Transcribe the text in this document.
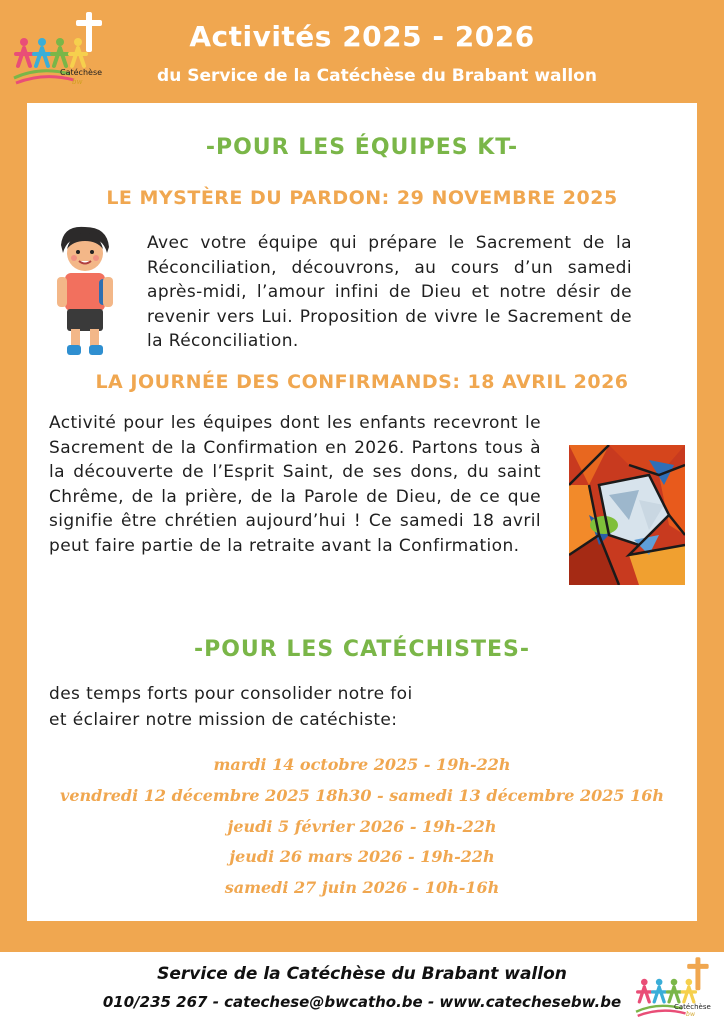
Catéchèse
bw
Activités 2025 - 2026
du Service de la Catéchèse du Brabant wallon
-POUR LES ÉQUIPES KT-
LE MYSTÈRE DU PARDON: 29 NOVEMBRE 2025
Avec votre équipe qui prépare le Sacrement de la Réconciliation, découvrons, au cours d’un samedi après-midi, l’amour infini de Dieu et notre désir de revenir vers Lui. Proposition de vivre le Sacrement de la Réconciliation.
LA JOURNÉE DES CONFIRMANDS: 18 AVRIL 2026
Activité pour les équipes dont les enfants recevront le Sacrement de la Confirmation en 2026. Partons tous à la découverte de l’Esprit Saint, de ses dons, du saint Chrême, de la prière, de la Parole de Dieu, de ce que signifie être chrétien aujourd’hui ! Ce samedi 18 avril peut faire partie de la retraite avant la Confirmation.
-POUR LES CATÉCHISTES-
des temps forts pour consolider notre foi
et éclairer notre mission de catéchiste:
mardi 14 octobre 2025 - 19h-22h
vendredi 12 décembre 2025 18h30 - samedi 13 décembre 2025 16h
jeudi 5 février 2026 - 19h-22h
jeudi 26 mars 2026 - 19h-22h
samedi 27 juin 2026 - 10h-16h
Service de la Catéchèse du Brabant wallon
010/235 267 - catechese@bwcatho.be - www.catechesebw.be	Catéchèse
bw
